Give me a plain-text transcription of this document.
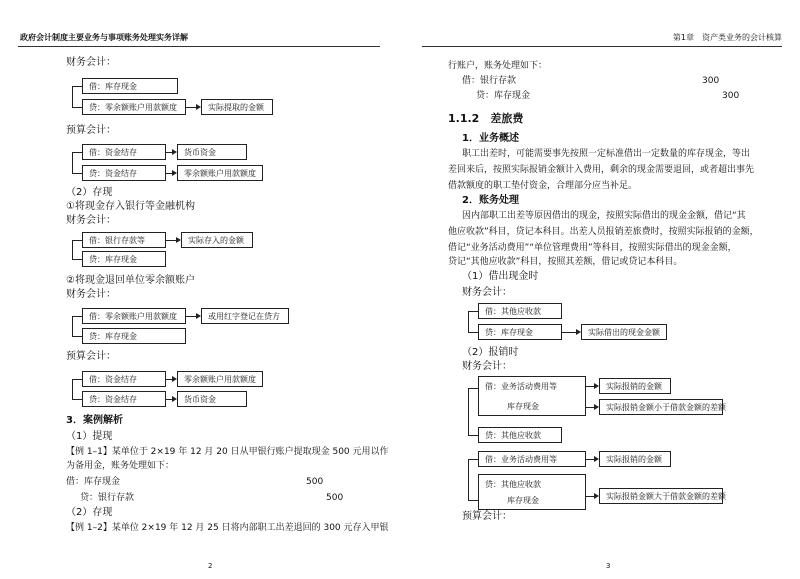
政府会计制度主要业务与事项账务处理实务详解
财务会计：
借：库存现金
贷：零余额账户用款额度	实际提取的金额
预算会计：
借：资金结存
贷：资金结存
货币资金
零余额账户用款额度
（2）存现
①将现金存入银行等金融机构
财务会计：
借：银行存款等	实际存入的金额
贷：库存现金
②将现金退回单位零余额账户
财务会计：
借：零余额账户用款额度	或用红字登记在贷方
贷：库存现金
预算会计：
借：资金结存
贷：资金结存
零余额账户用款额度
货币资金
3．案例解析
（1）提现
【例 1–1】某单位于 2×19 年 12 月 20 日从甲银行账户提取现金 500 元用以作
为备用金，账务处理如下：
借：库存现金	500
贷：银行存款	500
（2）存现
【例 1–2】某单位 2×19 年 12 月 25 日将内部职工出差退回的 300 元存入甲银
2
第1章　资产类业务的会计核算
行账户，账务处理如下：
借：银行存款	300
贷：库存现金	300
1.1.2　差旅费
1．业务概述
职工出差时，可能需要事先按照一定标准借出一定数量的库存现金，等出
差回来后，按照实际报销金额计入费用，剩余的现金需要退回，或者超出事先
借款额度的职工垫付资金，合理部分应当补足。
2．账务处理
因内部职工出差等原因借出的现金，按照实际借出的现金金额，借记“其
他应收款”科目，贷记本科目。出差人员报销差旅费时，按照实际报销的金额，
借记“业务活动费用”“单位管理费用”等科目，按照实际借出的现金金额，
贷记“其他应收款”科目，按照其差额，借记或贷记本科目。
（1）借出现金时
财务会计：
借：其他应收款
贷：库存现金	实际借出的现金金额
（2）报销时
财务会计：
借：业务活动费用等
库存现金
实际报销的金额
实际报销金额小于借款金额的差额
贷：其他应收款
借：业务活动费用等	实际报销的金额
贷：其他应收款
库存现金	实际报销金额大于借款金额的差额
预算会计：
3
